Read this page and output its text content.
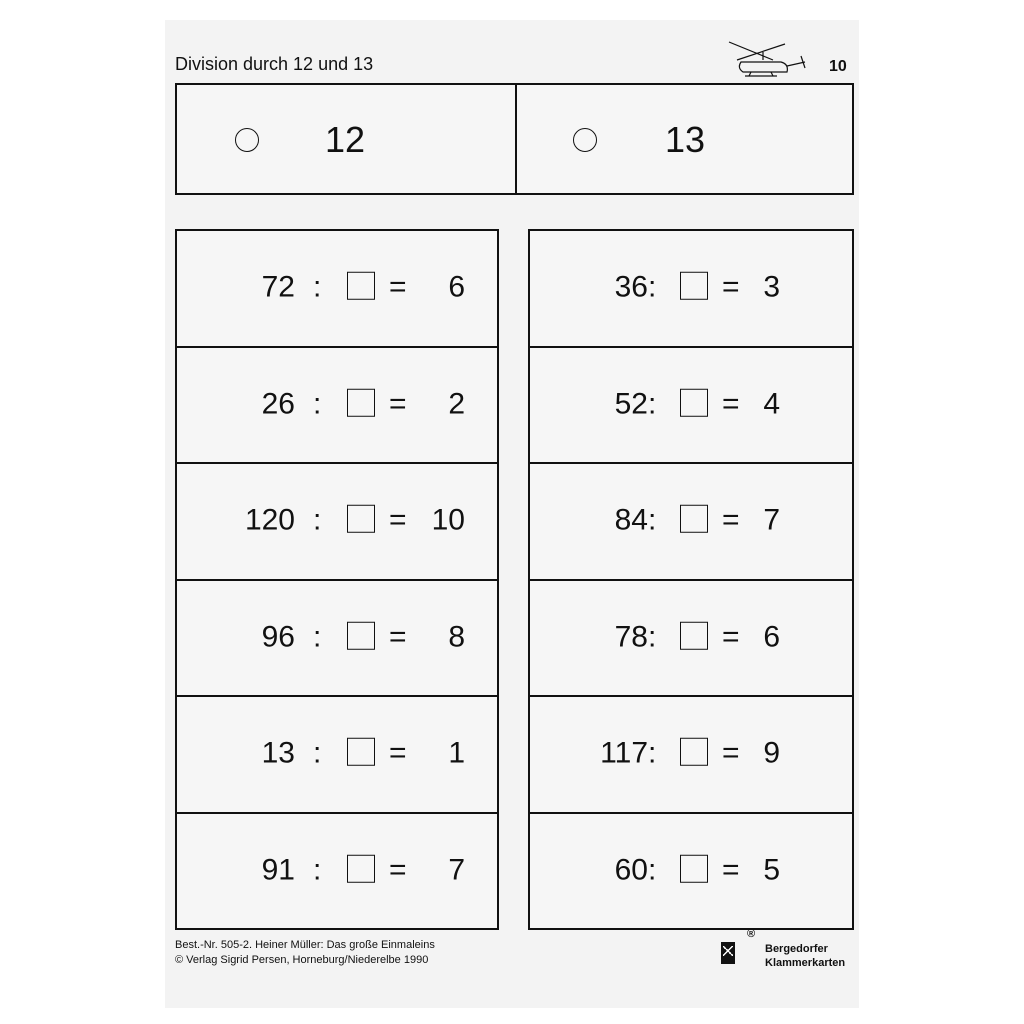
Division durch 12 und 13	10
12	13
72 : =	6
26 : =	2
120 : = 10
96 : =	8
13 : =	1
91 : =	7
36 : = 3
52 : = 4
84 : = 7
78 : = 6
117 : = 9
60 : = 5
Best.-Nr. 505-2. Heiner Müller: Das große Einmaleins
© Verlag Sigrid Persen, Horneburg/Niederelbe 1990
®
Bergedorfer
Klammerkarten
